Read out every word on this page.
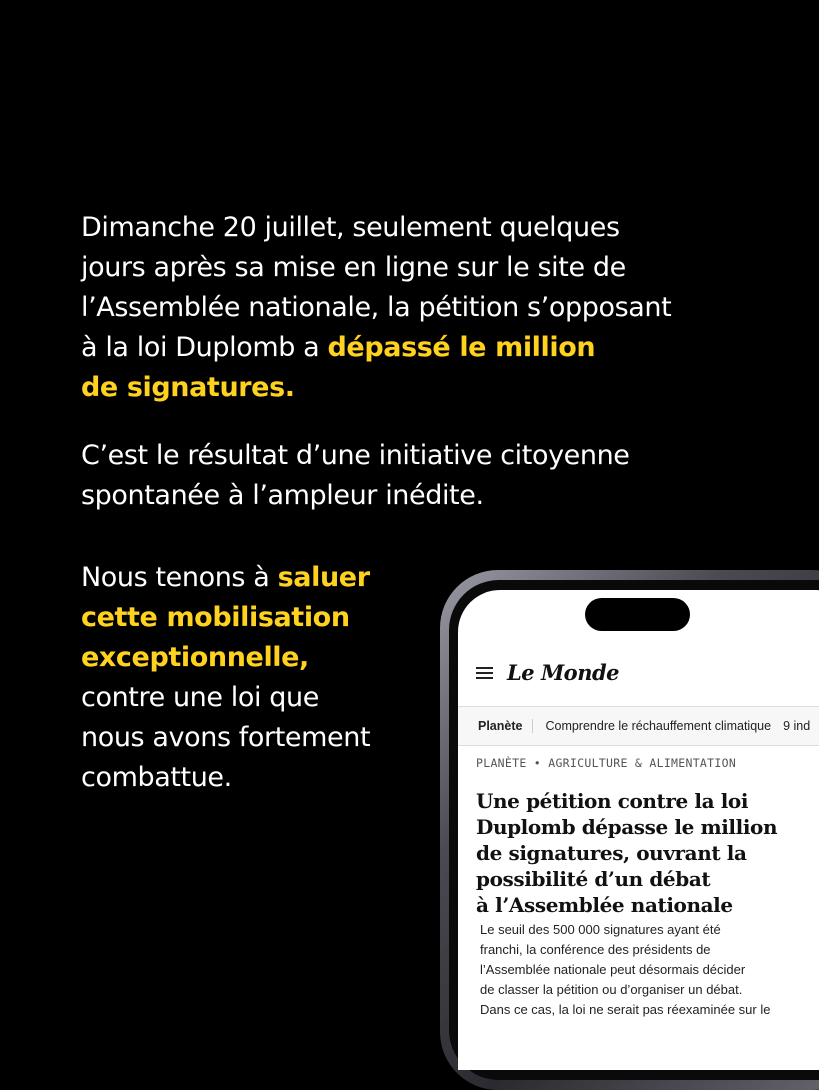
Dimanche 20 juillet, seulement quelques
jours après sa mise en ligne sur le site de
l’Assemblée nationale, la pétition s’opposant
à la loi Duplomb a dépassé le million
de signatures.
C’est le résultat d’une initiative citoyenne
spontanée à l’ampleur inédite.
Nous tenons à saluer
cette mobilisation
exceptionnelle,
contre une loi que
nous avons fortement
combattue.
Le Monde
Planète	Comprendre le réchauffement climatique 9 ind
PLANÈTE • AGRICULTURE & ALIMENTATION
Une pétition contre la loi
Duplomb dépasse le million
de signatures, ouvrant la
possibilité d’un débat
à l’Assemblée nationale
Le seuil des 500 000 signatures ayant été
franchi, la conférence des présidents de
l’Assemblée nationale peut désormais décider
de classer la pétition ou d’organiser un débat.
Dans ce cas, la loi ne serait pas réexaminée sur le
